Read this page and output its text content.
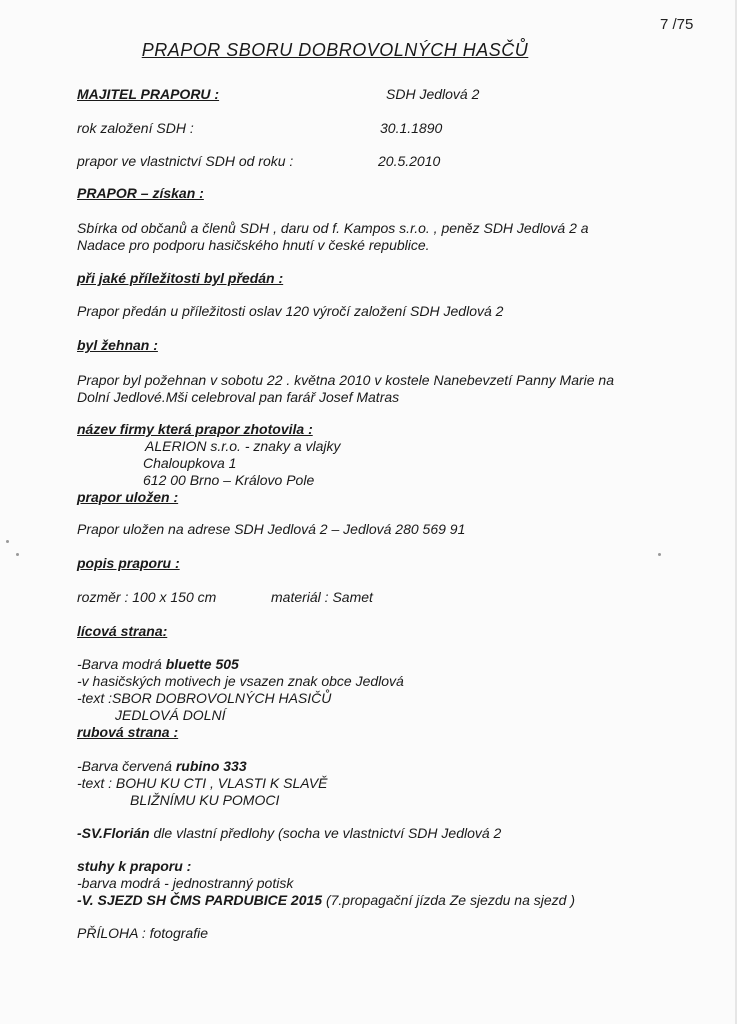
7 /75
PRAPOR SBORU DOBROVOLNÝCH HASČŮ
MAJITEL PRAPORU :	SDH Jedlová 2
rok založení SDH :	30.1.1890
prapor ve vlastnictví SDH od roku :	20.5.2010
PRAPOR – získan :
Sbírka od občanů a členů SDH , daru od f. Kampos s.r.o. , peněz SDH Jedlová 2 a
Nadace pro podporu hasičského hnutí v české republice.
při jaké příležitosti byl předán :
Prapor předán u příležitosti oslav 120 výročí založení SDH Jedlová 2
byl žehnan :
Prapor byl požehnan v sobotu 22 . května 2010 v kostele Nanebevzetí Panny Marie na
Dolní Jedlové.Mši celebroval pan farář Josef Matras
název firmy která prapor zhotovila :
ALERION s.r.o. - znaky a vlajky
Chaloupkova 1
612 00 Brno – Královo Pole
prapor uložen :
Prapor uložen na adrese SDH Jedlová 2 – Jedlová 280 569 91
popis praporu :
rozměr : 100 x 150 cm	materiál : Samet
lícová strana:
-Barva modrá bluette 505
-v hasičských motivech je vsazen znak obce Jedlová
-text :SBOR DOBROVOLNÝCH HASIČŮ
JEDLOVÁ DOLNÍ
rubová strana :
-Barva červená rubino 333
-text : BOHU KU CTI , VLASTI K SLAVĚ
BLIŽNÍMU KU POMOCI
-SV.Florián dle vlastní předlohy (socha ve vlastnictví SDH Jedlová 2
stuhy k praporu :
-barva modrá - jednostranný potisk
-V. SJEZD SH ČMS PARDUBICE 2015 (7.propagační jízda Ze sjezdu na sjezd )
PŘÍLOHA : fotografie
